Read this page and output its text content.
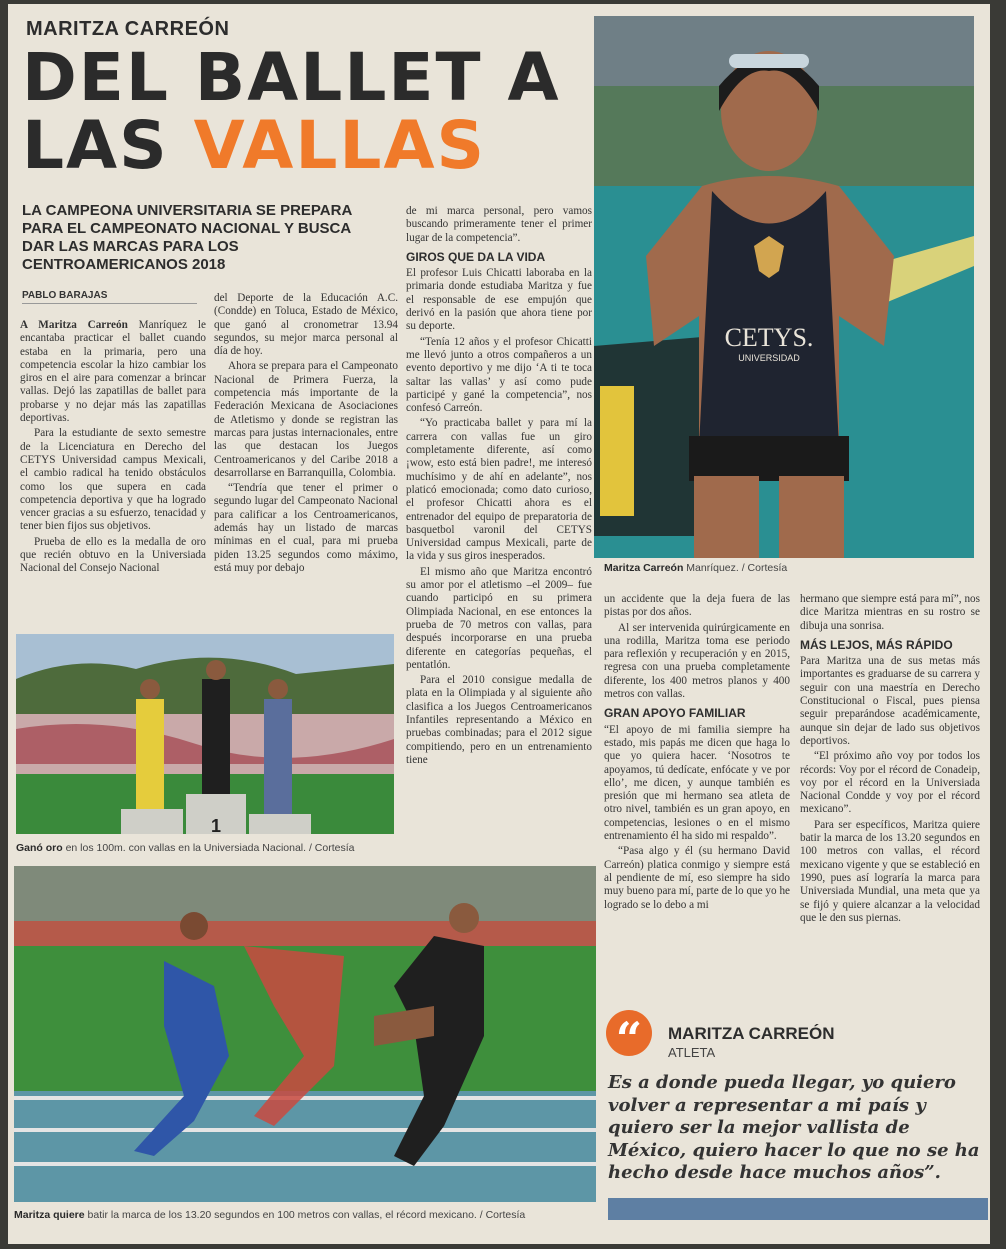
MARITZA CARREÓN
DEL BALLET A
LAS VALLAS
LA CAMPEONA UNIVERSITARIA SE PREPARA PARA EL CAMPEONATO NACIONAL Y BUSCA DAR LAS MARCAS PARA LOS CENTROAMERICANOS 2018
PABLO BARAJAS

A Maritza Carreón Manríquez le encantaba practicar el ballet cuando estaba en la primaria, pero una competencia escolar la hizo cambiar los giros en el aire para comenzar a brincar vallas. Dejó las zapatillas de ballet para probarse y no dejar más las zapatillas deportivas.

Para la estudiante de sexto semestre de la Licenciatura en Derecho del CETYS Universidad campus Mexicali, el cambio radical ha tenido obstáculos como los que supera en cada competencia deportiva y que ha logrado vencer gracias a su esfuerzo, tenacidad y tener bien fijos sus objetivos.

Prueba de ello es la medalla de oro que recién obtuvo en la Universiada Nacional del Consejo Nacional

del Deporte de la Educación A.C. (Condde) en Toluca, Estado de México, que ganó al cronometrar 13.94 segundos, su mejor marca personal al día de hoy.

Ahora se prepara para el Campeonato Nacional de Primera Fuerza, la competencia más importante de la Federación Mexicana de Asociaciones de Atletismo y donde se registran las marcas para justas internacionales, entre las que destacan los Juegos Centroamericanos y del Caribe 2018 a desarrollarse en Barranquilla, Colombia.

“Tendría que tener el primer o segundo lugar del Campeonato Nacional para calificar a los Centroamericanos, además hay un listado de marcas mínimas en el cual, para mi prueba piden 13.25 segundos como máximo, está muy por debajo

de mi marca personal, pero vamos buscando primeramente tener el primer lugar de la competencia”.

GIROS QUE DA LA VIDA

El profesor Luis Chicatti laboraba en la primaria donde estudiaba Maritza y fue el responsable de ese empujón que derivó en la pasión que ahora tiene por su deporte.

“Tenía 12 años y el profesor Chicatti me llevó junto a otros compañeros a un evento deportivo y me dijo ‘A ti te toca saltar las vallas’ y así como pude participé y gané la competencia”, nos confesó Carreón.

“Yo practicaba ballet y para mí la carrera con vallas fue un giro completamente diferente, así como ¡wow, esto está bien padre!, me interesó muchísimo y de ahí en adelante”, nos platicó emocionada; como dato curioso, el profesor Chicatti ahora es el entrenador del equipo de preparatoria de basquetbol varonil del CETYS Universidad campus Mexicali, parte de la vida y sus giros inesperados.

El mismo año que Maritza encontró su amor por el atletismo –el 2009– fue cuando participó en su primera Olimpiada Nacional, en ese entonces la prueba de 70 metros con vallas, para después incorporarse en una prueba diferente en categorías pequeñas, el pentatlón.

Para el 2010 consigue medalla de plata en la Olimpiada y al siguiente año clasifica a los Juegos Centroamericanos Infantiles representando a México en pruebas combinadas; para el 2012 sigue compitiendo, pero en un entrenamiento tiene

un accidente que la deja fuera de las pistas por dos años.

Al ser intervenida quirúrgicamente en una rodilla, Maritza toma ese periodo para reflexión y recuperación y en 2015, regresa con una prueba completamente diferente, los 400 metros planos y 400 metros con vallas.

GRAN APOYO FAMILIAR

“El apoyo de mi familia siempre ha estado, mis papás me dicen que haga lo que yo quiera hacer. ‘Nosotros te apoyamos, tú dedícate, enfócate y ve por ello’, me dicen, y aunque también es presión que mi hermano sea atleta de otro nivel, también es un gran apoyo, en competencias, lesiones o en el mismo entrenamiento él ha sido mi respaldo”.

“Pasa algo y él (su hermano David Carreón) platica conmigo y siempre está al pendiente de mí, eso siempre ha sido muy bueno para mí, parte de lo que yo he logrado se lo debo a mi

hermano que siempre está para mí”, nos dice Maritza mientras en su rostro se dibuja una sonrisa.

MÁS LEJOS, MÁS RÁPIDO

Para Maritza una de sus metas más importantes es graduarse de su carrera y seguir con una maestría en Derecho Constitucional o Fiscal, pues piensa seguir preparándose académicamente, aunque sin dejar de lado sus objetivos deportivos.

“El próximo año voy por todos los récords: Voy por el récord de Conadeip, voy por el récord en la Universiada Nacional Condde y voy por el récord mexicano”.

Para ser específicos, Maritza quiere batir la marca de los 13.20 segundos en 100 metros con vallas, el récord mexicano vigente y que se estableció en 1990, pues así lograría la marca para Universiada Mundial, una meta que ya se fijó y quiere alcanzar a la velocidad que le den sus piernas.

CETYS.
UNIVERSIDAD
Maritza Carreón Manríquez. / Cortesía
1
Ganó oro en los 100m. con vallas en la Universiada Nacional. / Cortesía
Maritza quiere batir la marca de los 13.20 segundos en 100 metros con vallas, el récord mexicano. / Cortesía
“	MARITZA CARREÓN
ATLETA
Es a donde pueda llegar, yo quiero volver a representar a mi país y quiero ser la mejor vallista de México, quiero hacer lo que no se ha hecho desde hace muchos años”.
